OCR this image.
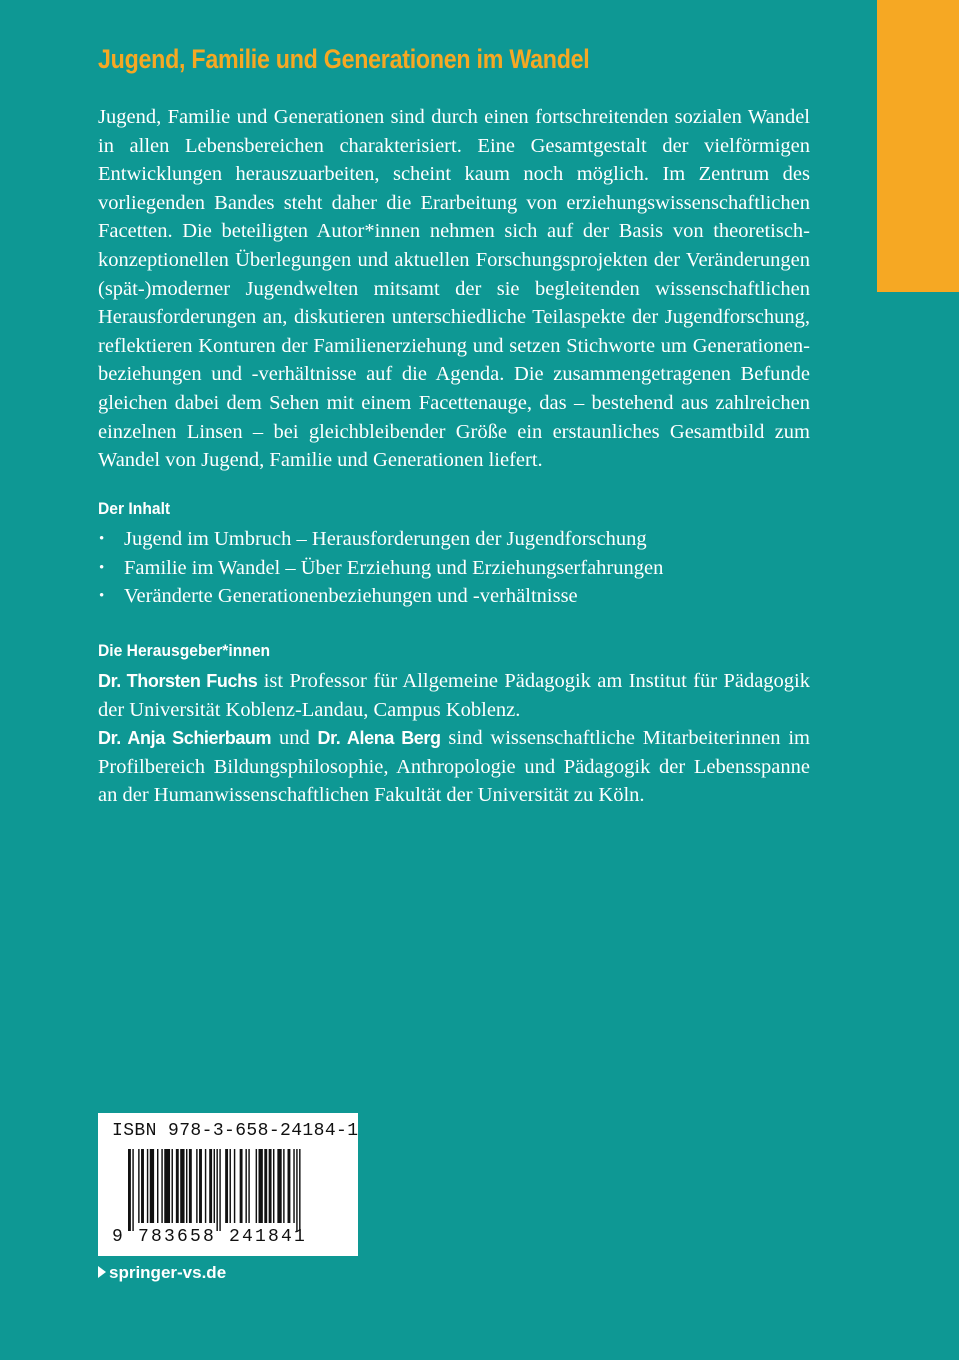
Jugend, Familie und Generationen im Wandel

Jugend, Familie und Generationen sind durch einen fortschreitenden sozialen Wandel in allen Lebensbereichen charakterisiert. Eine Gesamtgestalt der vielförmigen Entwicklungen herauszuarbeiten, scheint kaum noch möglich. Im Zentrum des vorliegenden Bandes steht daher die Erarbeitung von erziehungswissenschaftlichen Facetten. Die beteiligten Autor*innen nehmen sich auf der Basis von theoretisch-konzeptionellen Überlegungen und aktuellen Forschungsprojekten der Veränderungen (spät-)moderner Jugendwelten mitsamt der sie begleitenden wissenschaftlichen Herausforderungen an, diskutieren unterschiedliche Teilaspekte der Jugendforschung, reflektieren Konturen der Familienerziehung und setzen Stichworte um Generationenbeziehungen und -verhältnisse auf die Agenda. Die zusammengetragenen Befunde gleichen dabei dem Sehen mit einem Facettenauge, das – bestehend aus zahlreichen einzelnen Linsen – bei gleichbleibender Größe ein erstaunliches Gesamtbild zum Wandel von Jugend, Familie und Generationen liefert.

Der Inhalt
• Jugend im Umbruch – Herausforderungen der Jugendforschung
• Familie im Wandel – Über Erziehung und Erziehungserfahrungen
• Veränderte Generationenbeziehungen und -verhältnisse
Die Herausgeber*innen

Dr. Thorsten Fuchs ist Professor für Allgemeine Pädagogik am Institut für Pädagogik der Universität Koblenz-Landau, Campus Koblenz.

Dr. Anja Schierbaum und Dr. Alena Berg sind wissenschaftliche Mitarbeiterinnen im Profilbereich Bildungsphilosophie, Anthropologie und Pädagogik der Lebensspanne an der Humanwissenschaftlichen Fakultät der Universität zu Köln.

ISBN 978-3-658-24184-1
9 783658 241841
springer-vs.de
